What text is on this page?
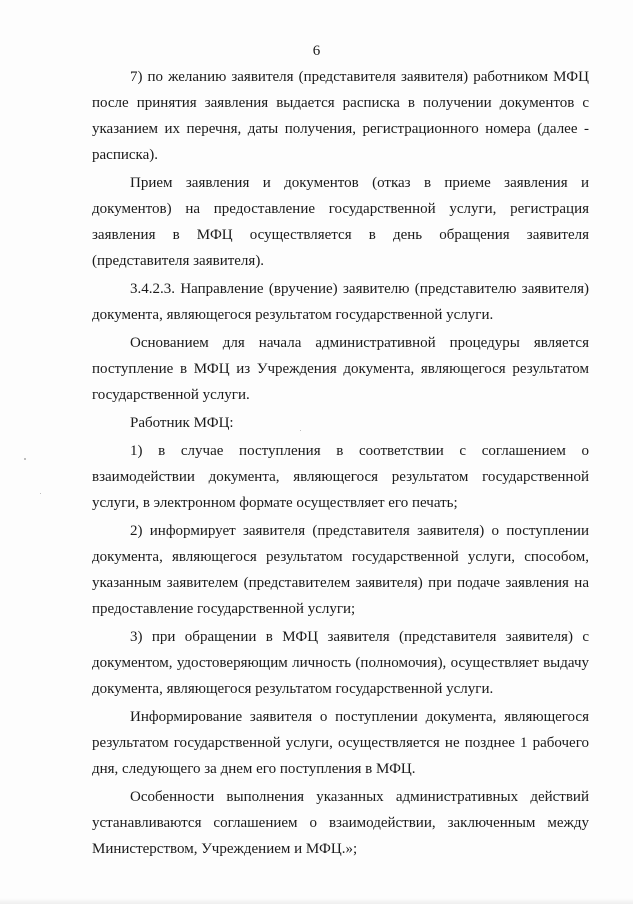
6

7) по желанию заявителя (представителя заявителя) работником МФЦ после принятия заявления выдается расписка в получении документов с указанием их перечня, даты получения, регистрационного номера (далее - расписка).

Прием заявления и документов (отказ в приеме заявления и документов) на предоставление государственной услуги, регистрация заявления в МФЦ осуществляется в день обращения заявителя (представителя заявителя).

3.4.2.3. Направление (вручение) заявителю (представителю заявителя) документа, являющегося результатом государственной услуги.

Основанием для начала административной процедуры является поступление в МФЦ из Учреждения документа, являющегося результатом государственной услуги.

Работник МФЦ:

1) в случае поступления в соответствии с соглашением о взаимодействии документа, являющегося результатом государственной услуги, в электронном формате осуществляет его печать;

2) информирует заявителя (представителя заявителя) о поступлении документа, являющегося результатом государственной услуги, способом, указанным заявителем (представителем заявителя) при подаче заявления на предоставление государственной услуги;

3) при обращении в МФЦ заявителя (представителя заявителя) с документом, удостоверяющим личность (полномочия), осуществляет выдачу документа, являющегося результатом государственной услуги.

Информирование заявителя о поступлении документа, являющегося результатом государственной услуги, осуществляется не позднее 1 рабочего дня, следующего за днем его поступления в МФЦ.

Особенности выполнения указанных административных действий устанавливаются соглашением о взаимодействии, заключенным между Министерством, Учреждением и МФЦ.»;
